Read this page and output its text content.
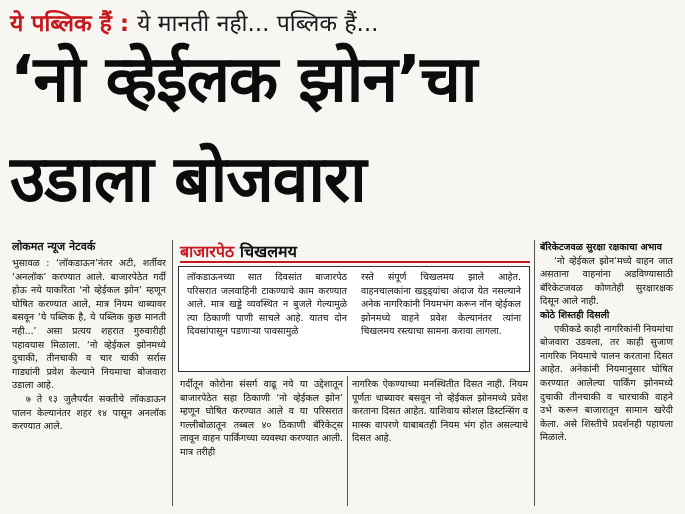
ये पब्लिक हैं : ये मानती नही... पब्लिक हैं...
‘नो व्हेईलक झोन’चा
उडाला बोजवारा
लोकमत न्यूज नेटवर्क

भुसावळ : ‘लॉकडाऊन’नंतर अटी, शर्तीवर ‘अनलॉक’ करण्यात आले. बाजारपेठेत गर्दी होऊ नये याकरिता ‘नो व्हेईकल झोन’ म्हणून घोषित करण्यात आले, मात्र नियम धाब्यावर बसवून ‘ये पब्लिक है, ये पब्लिक कुछ मानती नही...’ असा प्रत्यय शहरात गुरुवारीही पहावयास मिळाला. ‘नो व्हेईकल झोनमध्ये दुचाकी, तीनचाकी व चार चाकी सर्रास गाड्यांनी प्रवेश केल्याने नियमाचा बोजवारा उडाला आहे.

७ ते १३ जुलैपर्यंत सक्तीचे लॉकडाऊन पालन केल्यानंतर शहर १४ पासून अनलॉक करण्यात आले.

बाजारपेठ चिखलमय
लॉकडाऊनच्या सात दिवसांत बाजारपेठ परिसरात जलवाहिनी टाकण्याचे काम करण्यात आले. मात्र खड्डे व्यवस्थित न बुजले गेल्यामुळे त्या ठिकाणी पाणी साचले आहे. यातच दोन दिवसांपासून पडणाऱ्या पावसामुळे
रस्ते संपूर्ण चिखलमय झाले आहेत. वाहनचालकांना खड्ड्यांचा अंदाज येत नसल्याने अनेक नागरिकांनी नियमभंग करून नॉन व्हेईकल झोनमध्ये वाहने प्रवेश केल्यानंतर त्यांना चिखलमय रस्त्याचा सामना करावा लागला.
गर्दीतून कोरोना संसर्ग वाढू नये या उद्देशातून बाजारपेठेत सहा ठिकाणी ‘नो व्हेईकल झोन’ म्हणून घोषित करण्यात आले व या परिसरात गल्लीबोळातून तब्बल ४० ठिकाणी बॅरिकेट्स लावून वाहन पार्किंगच्या व्यवस्था करण्यात आली. मात्र तरीही
नागरिक ऐकण्याच्या मनस्थितीत दिसत नाही. नियम पूर्णतः धाब्यावर बसवून नो व्हेईकल झोनमध्ये प्रवेश करताना दिसत आहेत. याशिवाय सोशल डिस्टन्सिंग व मास्क वापरणे याबाबतही नियम भंग होत असल्याचे दिसत आहे.

बॅरिकेटजवळ सुरक्षा रक्षकाचा अभाव

‘नो व्हेईकल झोन’मध्ये वाहन जात असताना वाहनांना अडविण्यासाठी बॅरिकेटजवळ कोणतेही सुरक्षारक्षक दिसून आले नाही.

कोठे शिस्तही दिसली

एकीकडे काही नागरिकांनी नियमांचा बोजवारा उडवला, तर काही सुजाण नागरिक नियमाचे पालन करताना दिसत आहेत. अनेकांनी नियमानुसार घोषित करण्यात आलेल्या पार्किंग झोनमध्ये दुचाकी तीनचाकी व चारचाकी वाहने उभे करून बाजारातून सामान खरेदी केला. असे शिस्तीचे प्रदर्शनही पहायला मिळाले.
